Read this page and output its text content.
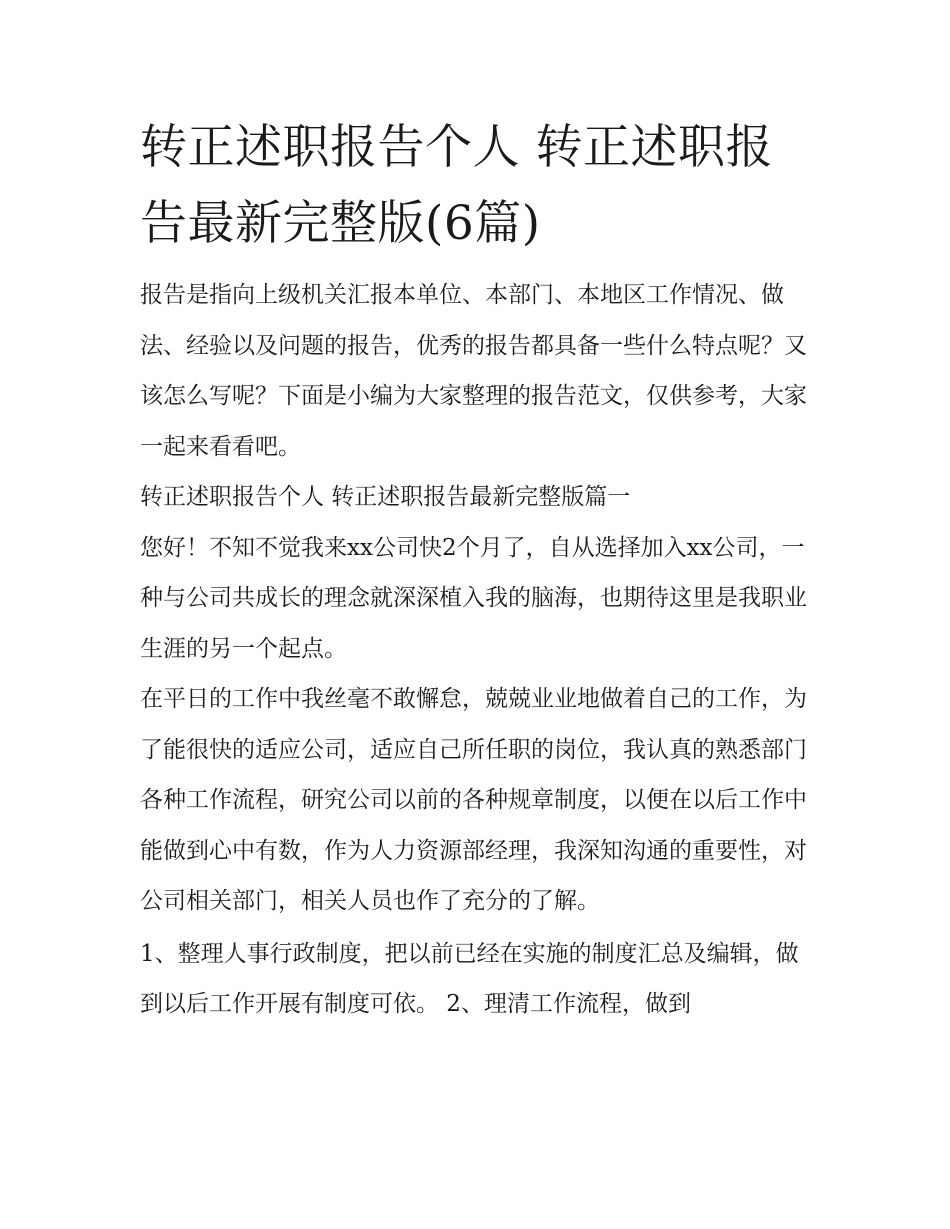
转正述职报告个人 转正述职报告最新完整版(6篇)

报告是指向上级机关汇报本单位、本部门、本地区工作情况、做法、经验以及问题的报告，优秀的报告都具备一些什么特点呢？又该怎么写呢？下面是小编为大家整理的报告范文，仅供参考，大家一起来看看吧。

转正述职报告个人 转正述职报告最新完整版篇一

您好！不知不觉我来xx公司快2个月了，自从选择加入xx公司，一种与公司共成长的理念就深深植入我的脑海，也期待这里是我职业生涯的另一个起点。

在平日的工作中我丝毫不敢懈怠，兢兢业业地做着自己的工作，为了能很快的适应公司，适应自己所任职的岗位，我认真的熟悉部门各种工作流程，研究公司以前的各种规章制度，以便在以后工作中能做到心中有数，作为人力资源部经理，我深知沟通的重要性，对公司相关部门，相关人员也作了充分的了解。

1、整理人事行政制度，把以前已经在实施的制度汇总及编辑，做到以后工作开展有制度可依。 2、理清工作流程，做到
